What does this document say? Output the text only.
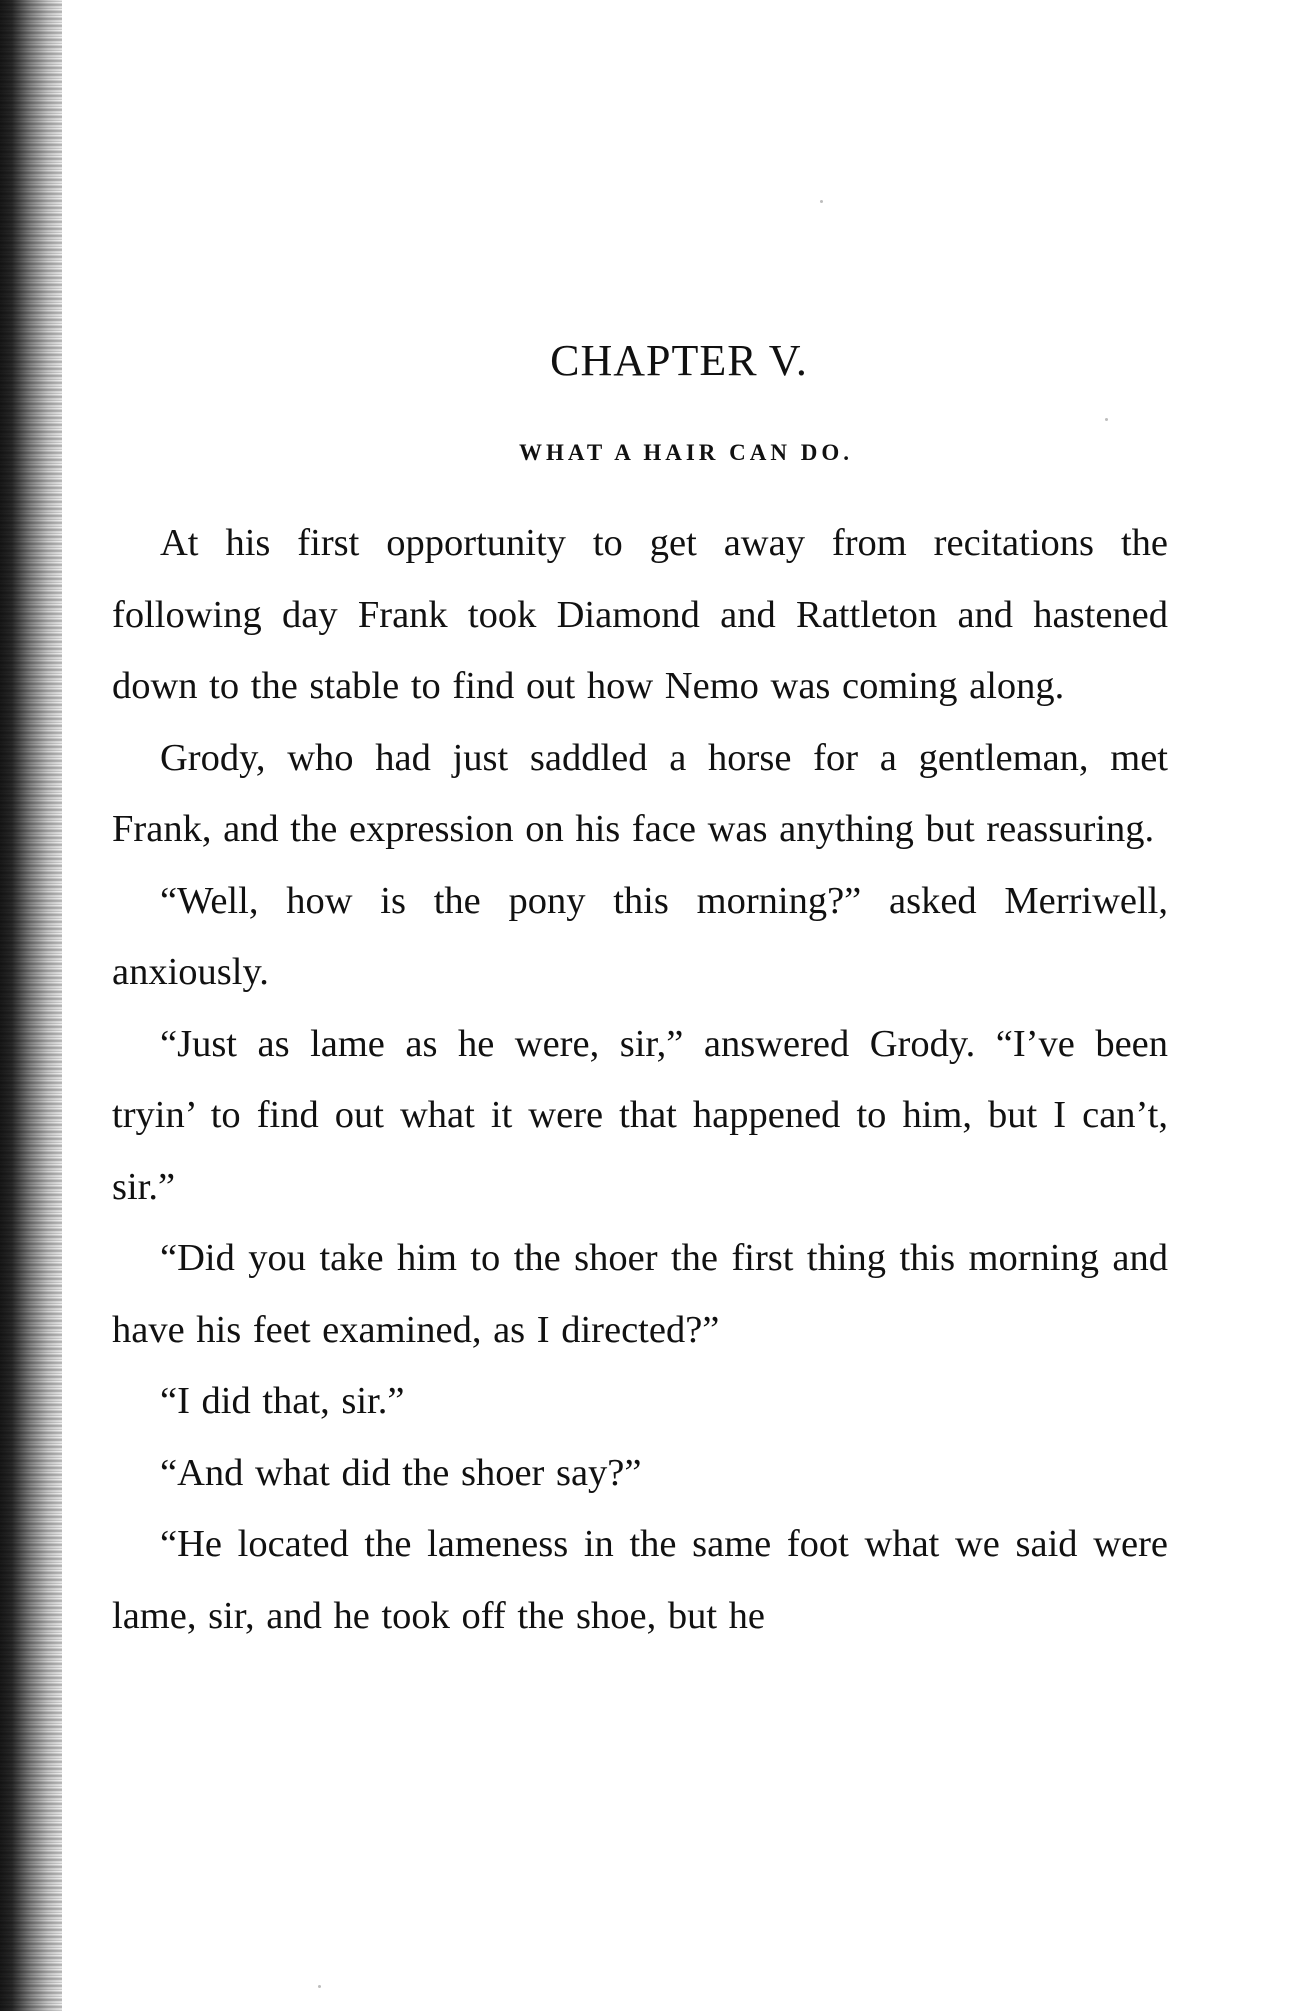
CHAPTER V.
WHAT A HAIR CAN DO.

At his first opportunity to get away from recitations the following day Frank took Diamond and Rattleton and hastened down to the stable to find out how Nemo was coming along.

Grody, who had just saddled a horse for a gentleman, met Frank, and the expression on his face was anything but reassuring.

“Well, how is the pony this morning?” asked Merriwell, anxiously.

“Just as lame as he were, sir,” answered Grody. “I’ve been tryin’ to find out what it were that happened to him, but I can’t, sir.”

“Did you take him to the shoer the first thing this morning and have his feet examined, as I directed?”

“I did that, sir.”

“And what did the shoer say?”

“He located the lameness in the same foot what we said were lame, sir, and he took off the shoe, but he
